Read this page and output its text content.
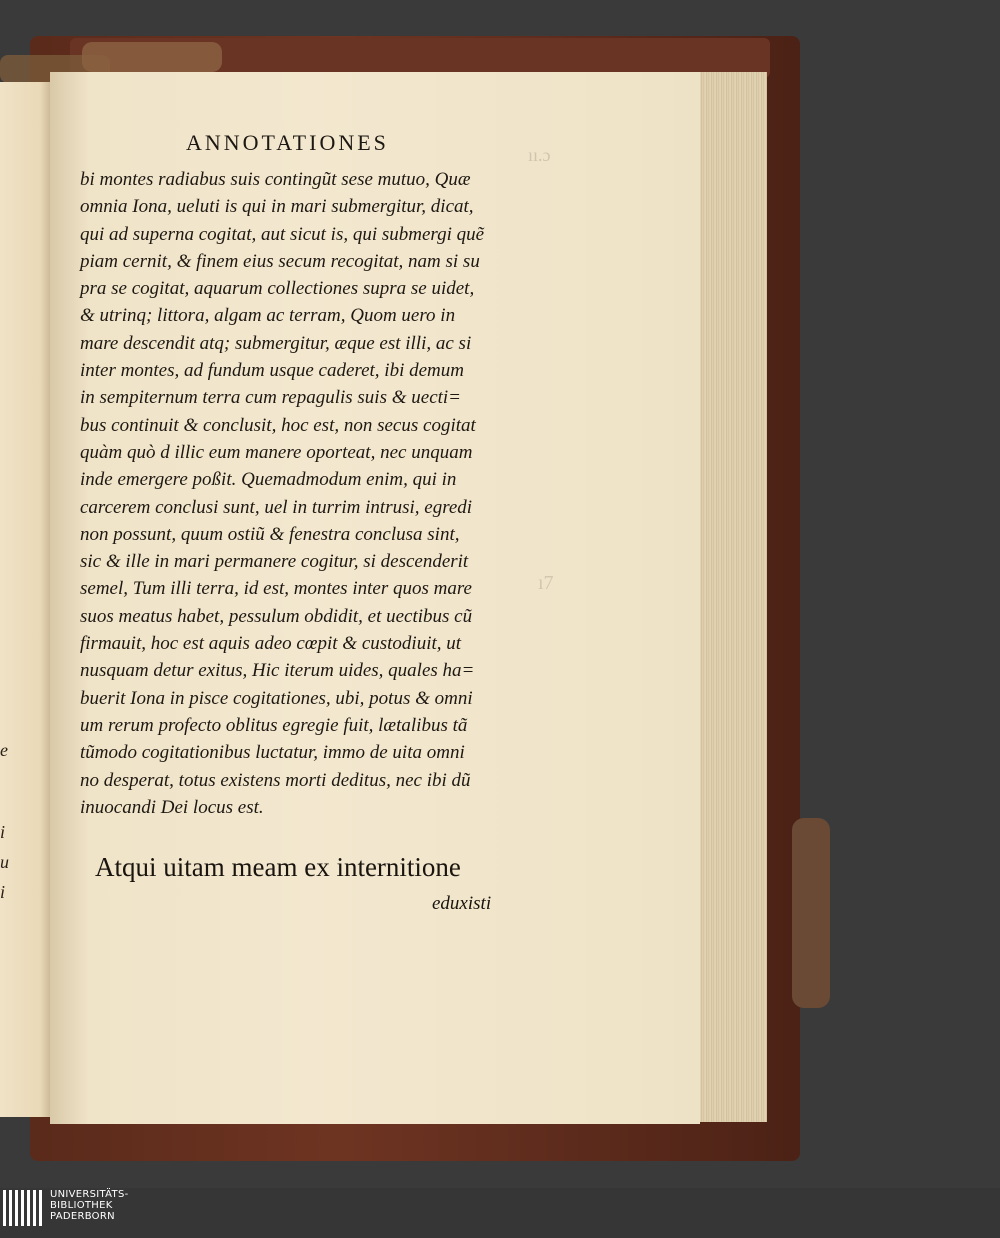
e
i
u
i
ıı.ɔ
ı7
ANNOTATIONES
bi montes radiabus suis contingũt sese mutuo, Quæ
omnia Iona, ueluti is qui in mari submergitur, dicat,
qui ad superna cogitat, aut sicut is, qui submergi quẽ
piam cernit, & finem eius secum recogitat, nam si su
pra se cogitat, aquarum collectiones supra se uidet,
& utrinq; littora, algam ac terram, Quom uero in
mare descendit atq; submergitur, æque est illi, ac si
inter montes, ad fundum usque caderet, ibi demum
in sempiternum terra cum repagulis suis & uecti=
bus continuit & conclusit, hoc est, non secus cogitat
quàm quò d illic eum manere oporteat, nec unquam
inde emergere poßit. Quemadmodum enim, qui in
carcerem conclusi sunt, uel in turrim intrusi, egredi
non possunt, quum ostiũ & fenestra conclusa sint,
sic & ille in mari permanere cogitur, si descenderit
semel, Tum illi terra, id est, montes inter quos mare
suos meatus habet, pessulum obdidit, et uectibus cũ
firmauit, hoc est aquis adeo cœpit & custodiuit, ut
nusquam detur exitus, Hic iterum uides, quales ha=
buerit Iona in pisce cogitationes, ubi, potus & omni
um rerum profecto oblitus egregie fuit, lætalibus tã
tũmodo cogitationibus luctatur, immo de uita omni
no desperat, totus existens morti deditus, nec ibi dũ
inuocandi Dei locus est.
Atqui uitam meam ex internitione
eduxisti
UNIVERSITÄTS-
BIBLIOTHEK
PADERBORN
